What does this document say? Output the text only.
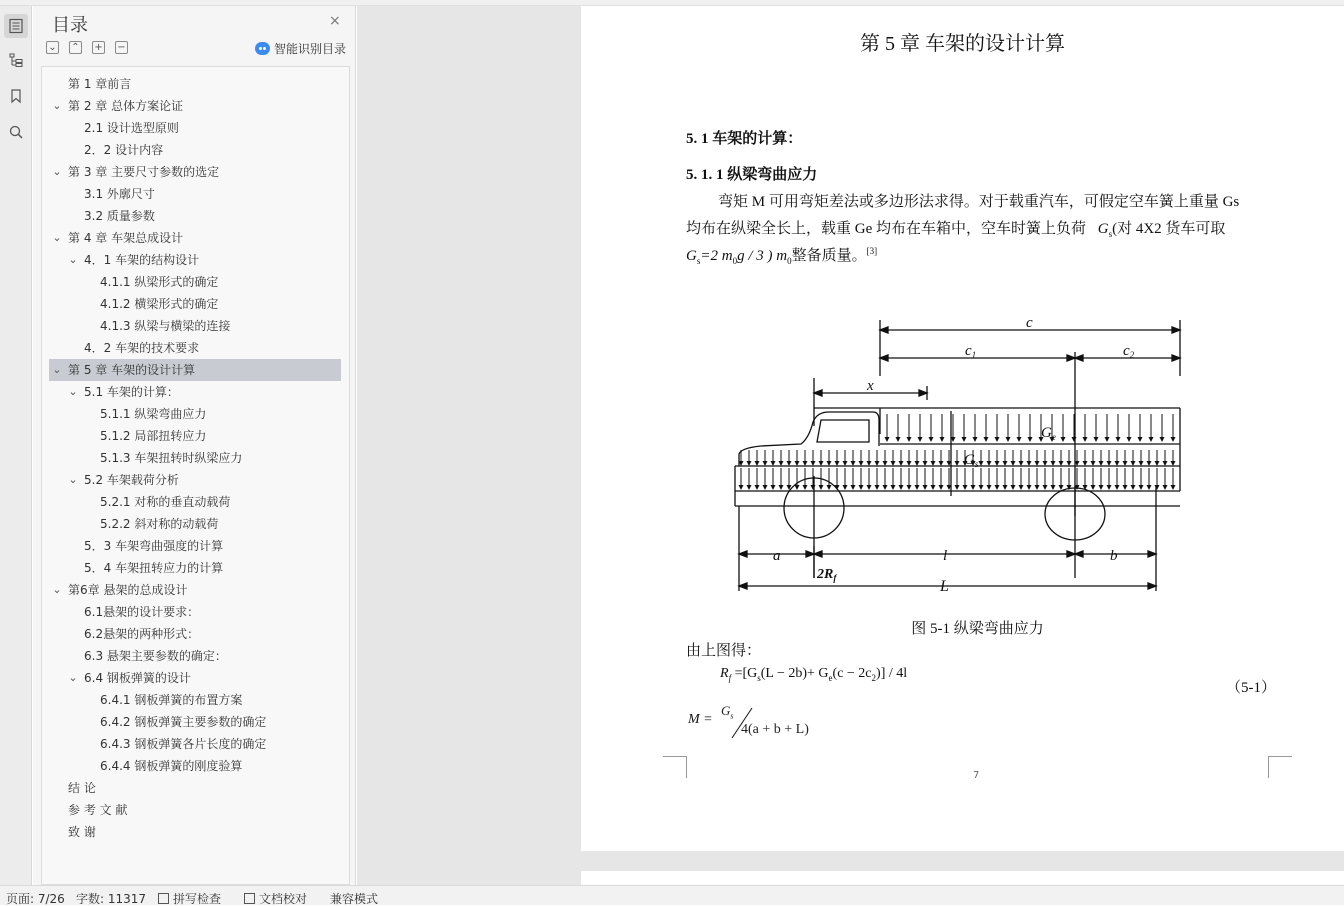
目录	×
⌄ ⌃ + −	智能识别目录
第 1 章前言
⌄ 第 2 章 总体方案论证
2.1 设计选型原则
2．2 设计内容
⌄ 第 3 章 主要尺寸参数的选定
3.1 外廓尺寸
3.2 质量参数
⌄ 第 4 章 车架总成设计
⌄ 4．1 车架的结构设计
4.1.1 纵梁形式的确定
4.1.2 横梁形式的确定
4.1.3 纵梁与横梁的连接
4．2 车架的技术要求
⌄ 第 5 章 车架的设计计算
⌄ 5.1 车架的计算：
5.1.1 纵梁弯曲应力
5.1.2 局部扭转应力
5.1.3 车架扭转时纵梁应力
⌄ 5.2 车架载荷分析
5.2.1 对称的垂直动载荷
5.2.2 斜对称的动载荷
5．3 车架弯曲强度的计算
5．4 车架扭转应力的计算
⌄ 第6章 悬架的总成设计
6.1悬架的设计要求：
6.2悬架的两种形式：
6.3 悬架主要参数的确定：
⌄ 6.4 钢板弹簧的设计
6.4.1 钢板弹簧的布置方案
6.4.2 钢板弹簧主要参数的确定
6.4.3 钢板弹簧各片长度的确定
6.4.4 钢板弹簧的刚度验算
结 论
参 考 文 献
致 谢
第 5 章 车架的设计计算
5. 1 车架的计算：
5. 1. 1 纵梁弯曲应力
弯矩 M 可用弯矩差法或多边形法求得。对于载重汽车，可假定空车簧上重量 Gs
均布在纵梁全长上，载重 Ge 均布在车箱中，空车时簧上负荷 $G_s$(对 4X2 货车可取
$G_s=2$ $m_0g / 3$ ) $m_0$整备质量。[3]
c
$c_1$	$c_2$
x
$G_e$
$G_s$
a	l	b
L
$2R_f$
图 5-1 纵梁弯曲应力
由上图得：
$R_f =[G_s(L - 2b)+ G_e(c - 2c_2)] / 4l$
（5-1）
M =
$G_s$
4(a + b + L)
7
页面: 7/26 字数: 11317	拼写检查	文档校对 兼容模式
